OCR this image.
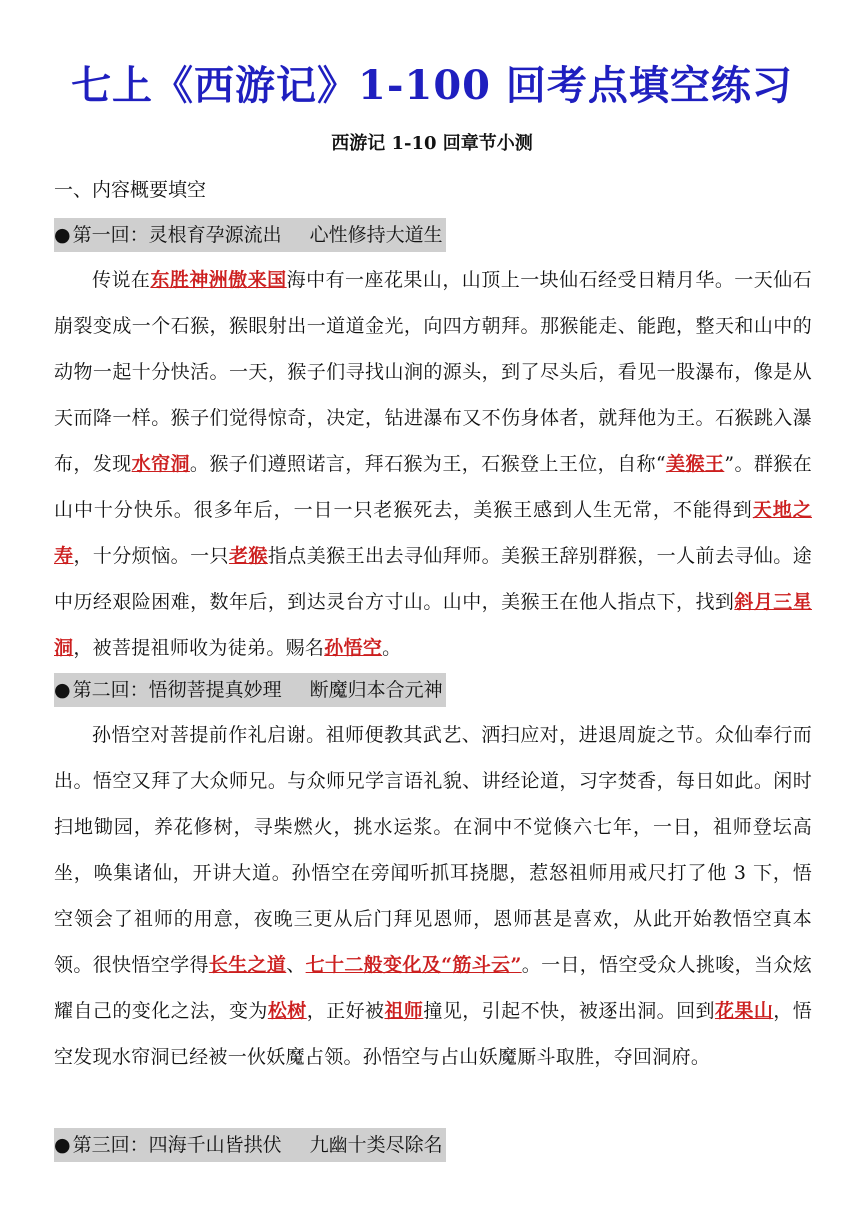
七上《西游记》1-100 回考点填空练习
西游记 1-10 回章节小测
一、内容概要填空
● 第一回：灵根育孕源流出 心性修持大道生
传说在东胜神洲傲来国海中有一座花果山，山顶上一块仙石经受日精月华。一天仙石崩裂变成一个石猴，猴眼射出一道道金光，向四方朝拜。那猴能走、能跑，整天和山中的动物一起十分快活。一天，猴子们寻找山涧的源头，到了尽头后，看见一股瀑布，像是从天而降一样。猴子们觉得惊奇，决定，钻进瀑布又不伤身体者，就拜他为王。石猴跳入瀑布，发现水帘洞。猴子们遵照诺言，拜石猴为王，石猴登上王位，自称“美猴王”。群猴在山中十分快乐。很多年后，一日一只老猴死去，美猴王感到人生无常，不能得到天地之寿，十分烦恼。一只老猴指点美猴王出去寻仙拜师。美猴王辞别群猴，一人前去寻仙。途中历经艰险困难，数年后，到达灵台方寸山。山中，美猴王在他人指点下，找到斜月三星洞，被菩提祖师收为徒弟。赐名孙悟空。
● 第二回：悟彻菩提真妙理 断魔归本合元神
孙悟空对菩提前作礼启谢。祖师便教其武艺、洒扫应对，进退周旋之节。众仙奉行而出。悟空又拜了大众师兄。与众师兄学言语礼貌、讲经论道，习字焚香，每日如此。闲时扫地锄园，养花修树，寻柴燃火，挑水运浆。在洞中不觉倏六七年，一日，祖师登坛高坐，唤集诸仙，开讲大道。孙悟空在旁闻听抓耳挠腮，惹怒祖师用戒尺打了他 3 下，悟空领会了祖师的用意，夜晚三更从后门拜见恩师，恩师甚是喜欢，从此开始教悟空真本领。很快悟空学得长生之道、七十二般变化及“筋斗云”。一日，悟空受众人挑唆，当众炫耀自己的变化之法，变为松树，正好被祖师撞见，引起不快，被逐出洞。回到花果山，悟空发现水帘洞已经被一伙妖魔占领。孙悟空与占山妖魔厮斗取胜，夺回洞府。
● 第三回：四海千山皆拱伏 九幽十类尽除名
